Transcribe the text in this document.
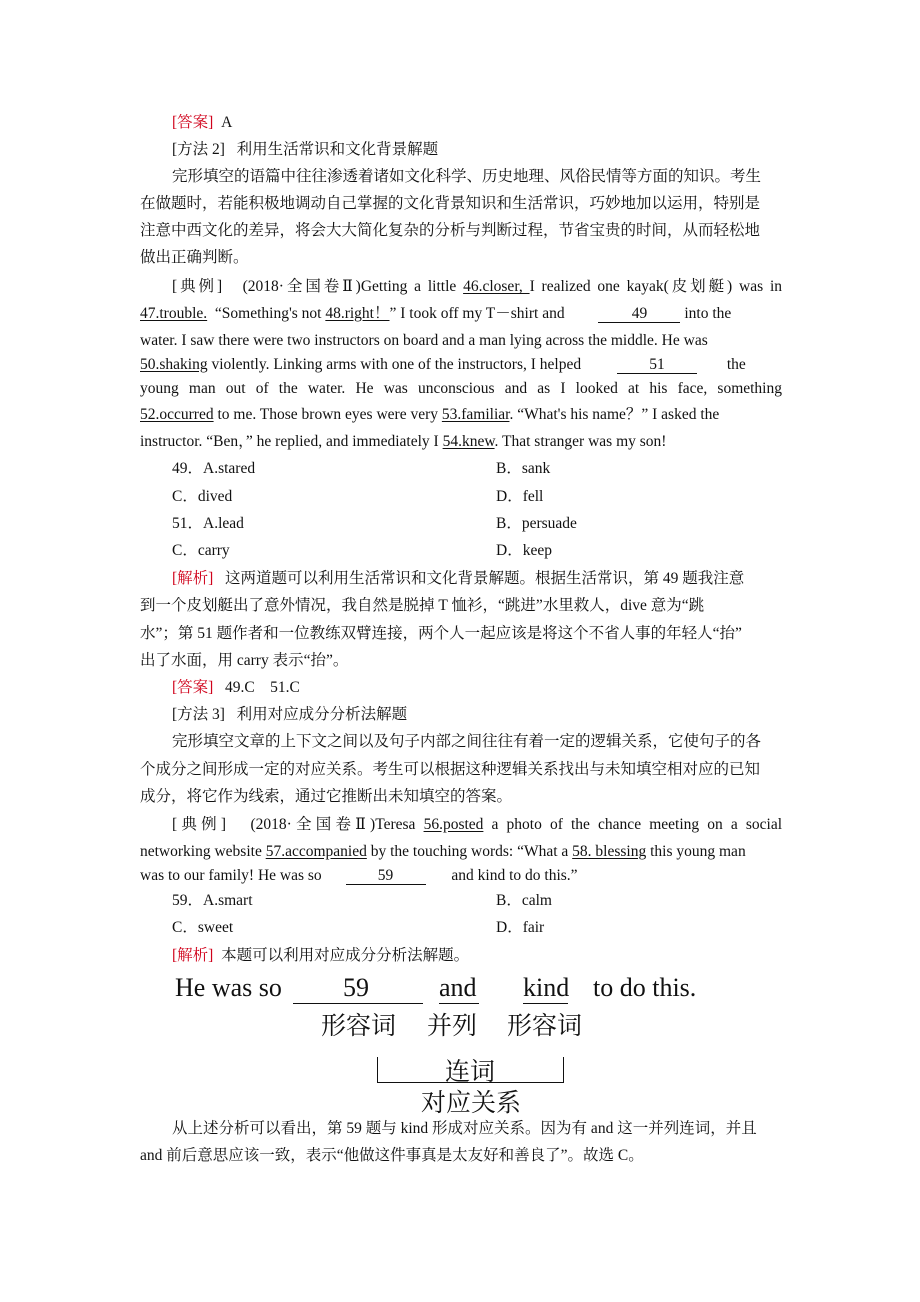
[答案] A
[方法 2] 利用生活常识和文化背景解题
完形填空的语篇中往往渗透着诸如文化科学、历史地理、风俗民情等方面的知识。考生
在做题时，若能积极地调动自己掌握的文化背景知识和生活常识，巧妙地加以运用，特别是
注意中西文化的差异，将会大大简化复杂的分析与判断过程，节省宝贵的时间，从而轻松地
做出正确判断。
[典例] (2018·全国卷Ⅱ)Getting a little 46.closer, I realized one kayak(皮划艇) was in
47.trouble. “Something's not 48.right！” I took off my T－shirt and	49 into the
water. I saw there were two instructors on board and a man lying across the middle. He was
50.shaking violently. Linking arms with one of the instructors, I helped	51	the
young man out of the water. He was unconscious and as I looked at his face, something
52.occurred to me. Those brown eyes were very 53.familiar. “What's his name？” I asked the
instructor. “Ben，” he replied, and immediately I 54.knew. That stranger was my son!
49．A.stared	B．sank
C．dived	D．fell
51．A.lead	B．persuade
C．carry	D．keep
[解析] 这两道题可以利用生活常识和文化背景解题。根据生活常识，第 49 题我注意
到一个皮划艇出了意外情况，我自然是脱掉 T 恤衫，“跳进”水里救人，dive 意为“跳
水”；第 51 题作者和一位教练双臂连接，两个人一起应该是将这个不省人事的年轻人“抬”
出了水面，用 carry 表示“抬”。
[答案] 49.C　51.C
[方法 3] 利用对应成分分析法解题
完形填空文章的上下文之间以及句子内部之间往往有着一定的逻辑关系，它使句子的各
个成分之间形成一定的对应关系。考生可以根据这种逻辑关系找出与未知填空相对应的已知
成分，将它作为线索，通过它推断出未知填空的答案。
[典例] (2018·全国卷Ⅱ)Teresa 56.posted a photo of the chance meeting on a social
networking website 57.accompanied by the touching words: “What a 58. blessing this young man
was to our family! He was so	59	and kind to do this.”
59．A.smart	B．calm
C．sweet	D．fair
[解析] 本题可以利用对应成分分析法解题。
He was so 59	and kind to do this.
形容词 并列 形容词
连词
对应关系
从上述分析可以看出，第 59 题与 kind 形成对应关系。因为有 and 这一并列连词，并且
and 前后意思应该一致，表示“他做这件事真是太友好和善良了”。故选 C。
